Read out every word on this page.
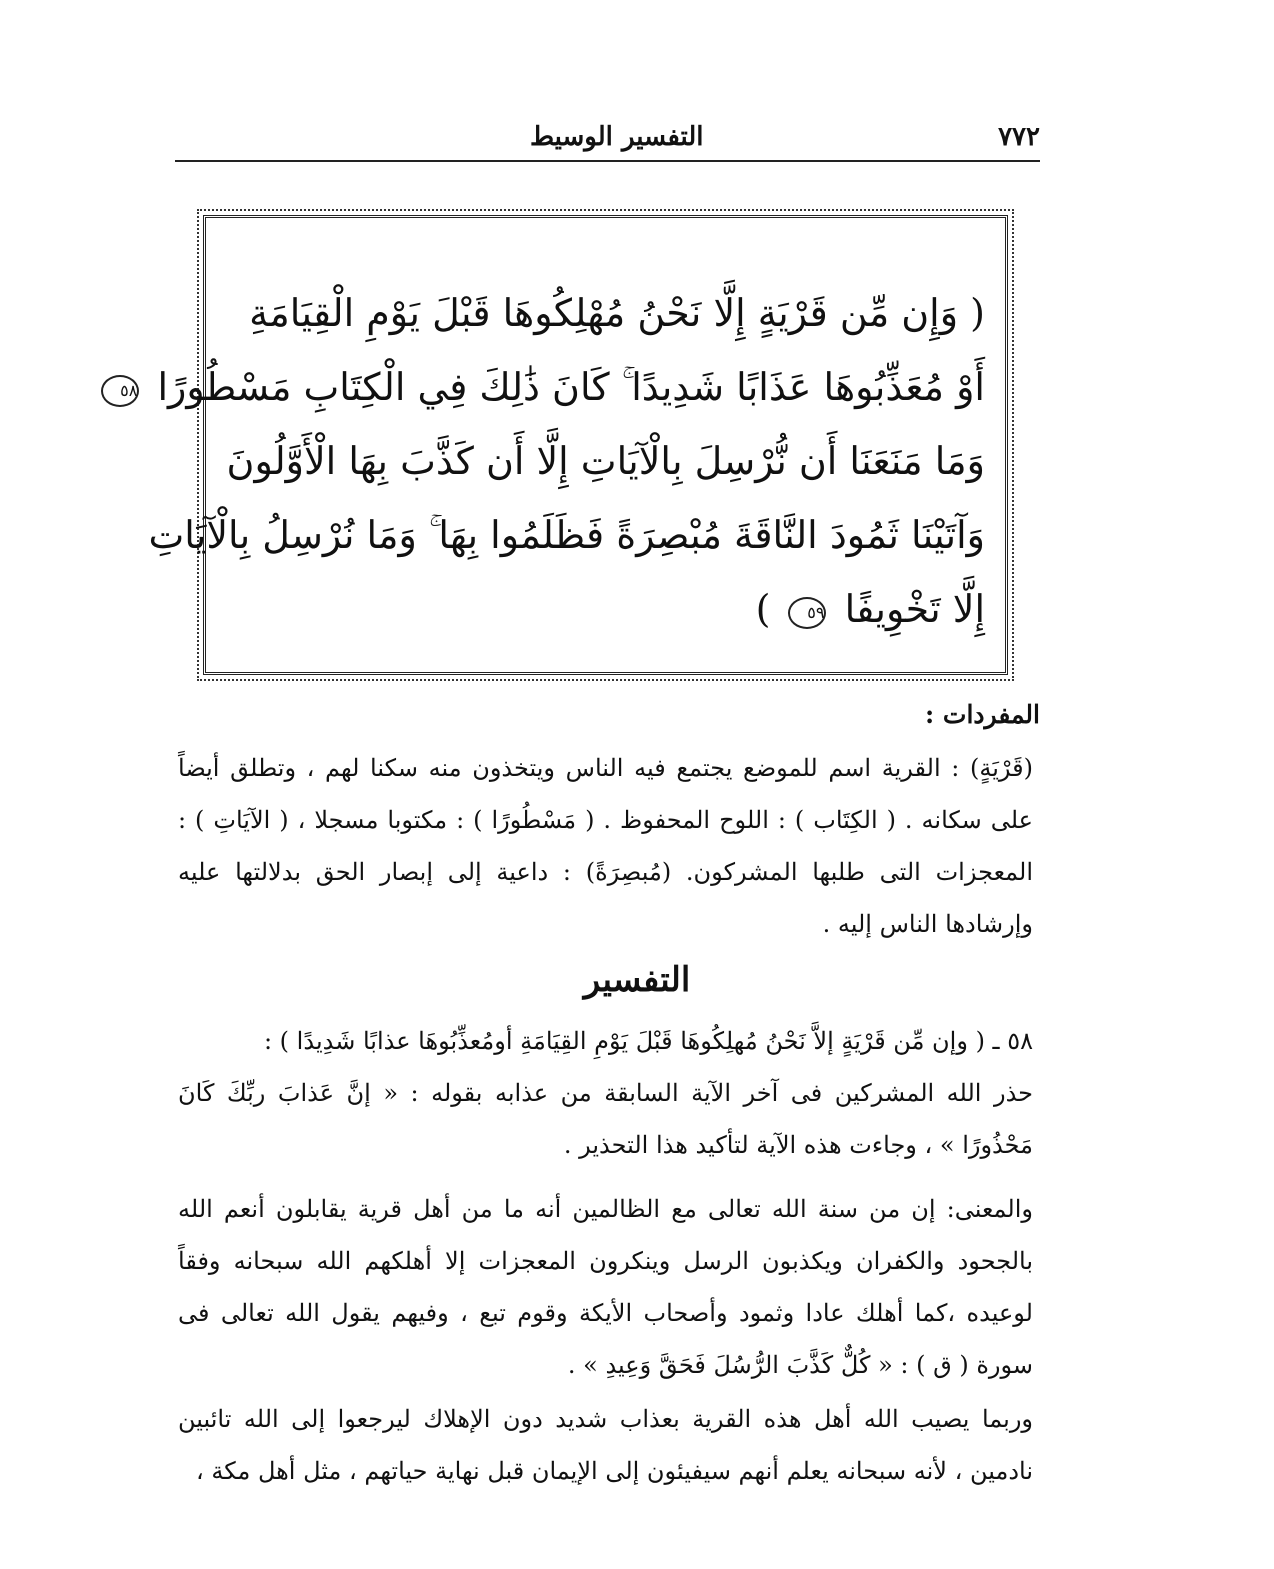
التفسير الوسيط	٧٧٢
( وَإِن مِّن قَرْيَةٍ إِلَّا نَحْنُ مُهْلِكُوهَا قَبْلَ يَوْمِ الْقِيَامَةِ
أَوْ مُعَذِّبُوهَا عَذَابًا شَدِيدًا ۚ كَانَ ذَٰلِكَ فِي الْكِتَابِ مَسْطُورًا ٥٨
وَمَا مَنَعَنَا أَن نُّرْسِلَ بِالْآيَاتِ إِلَّا أَن كَذَّبَ بِهَا الْأَوَّلُونَ
وَآتَيْنَا ثَمُودَ النَّاقَةَ مُبْصِرَةً فَظَلَمُوا بِهَا ۚ وَمَا نُرْسِلُ بِالْآيَاتِ
إِلَّا تَخْوِيفًا ٥٩ )
المفردات :

(قَرْيَةٍ) : القرية اسم للموضع يجتمع فيه الناس ويتخذون منه سكنا لهم ، وتطلق أيضاً على سكانه . ( الكِتَاب ) : اللوح المحفوظ . ( مَسْطُورًا ) : مكتوبا مسجلا ، ( الآيَاتِ ) : المعجزات التى طلبها المشركون. (مُبصِرَةً) : داعية إلى إبصار الحق بدلالتها عليه وإرشادها الناس إليه .

التفسير
٥٨ ـ ( وإن مِّن قَرْيَةٍ إلاَّ نَحْنُ مُهلِكُوهَا قَبْلَ يَوْمِ القِيَامَةِ أومُعذِّبُوهَا عذابًا شَدِيدًا ) :

حذر الله المشركين فى آخر الآية السابقة من عذابه بقوله : « إنَّ عَذابَ ربِّكَ كَانَ مَحْذُورًا » ، وجاءت هذه الآية لتأكيد هذا التحذير .

والمعنى: إن من سنة الله تعالى مع الظالمين أنه ما من أهل قرية يقابلون أنعم الله بالجحود والكفران ويكذبون الرسل وينكرون المعجزات إلا أهلكهم الله سبحانه وفقاً لوعيده ،كما أهلك عادا وثمود وأصحاب الأيكة وقوم تبع ، وفيهم يقول الله تعالى فى سورة ( ق ) : « كُلٌّ كَذَّبَ الرُّسُلَ فَحَقَّ وَعِيدِ » .

وربما يصيب الله أهل هذه القرية بعذاب شديد دون الإهلاك ليرجعوا إلى الله تائبين نادمين ، لأنه سبحانه يعلم أنهم سيفيئون إلى الإيمان قبل نهاية حياتهم ، مثل أهل مكة ،
